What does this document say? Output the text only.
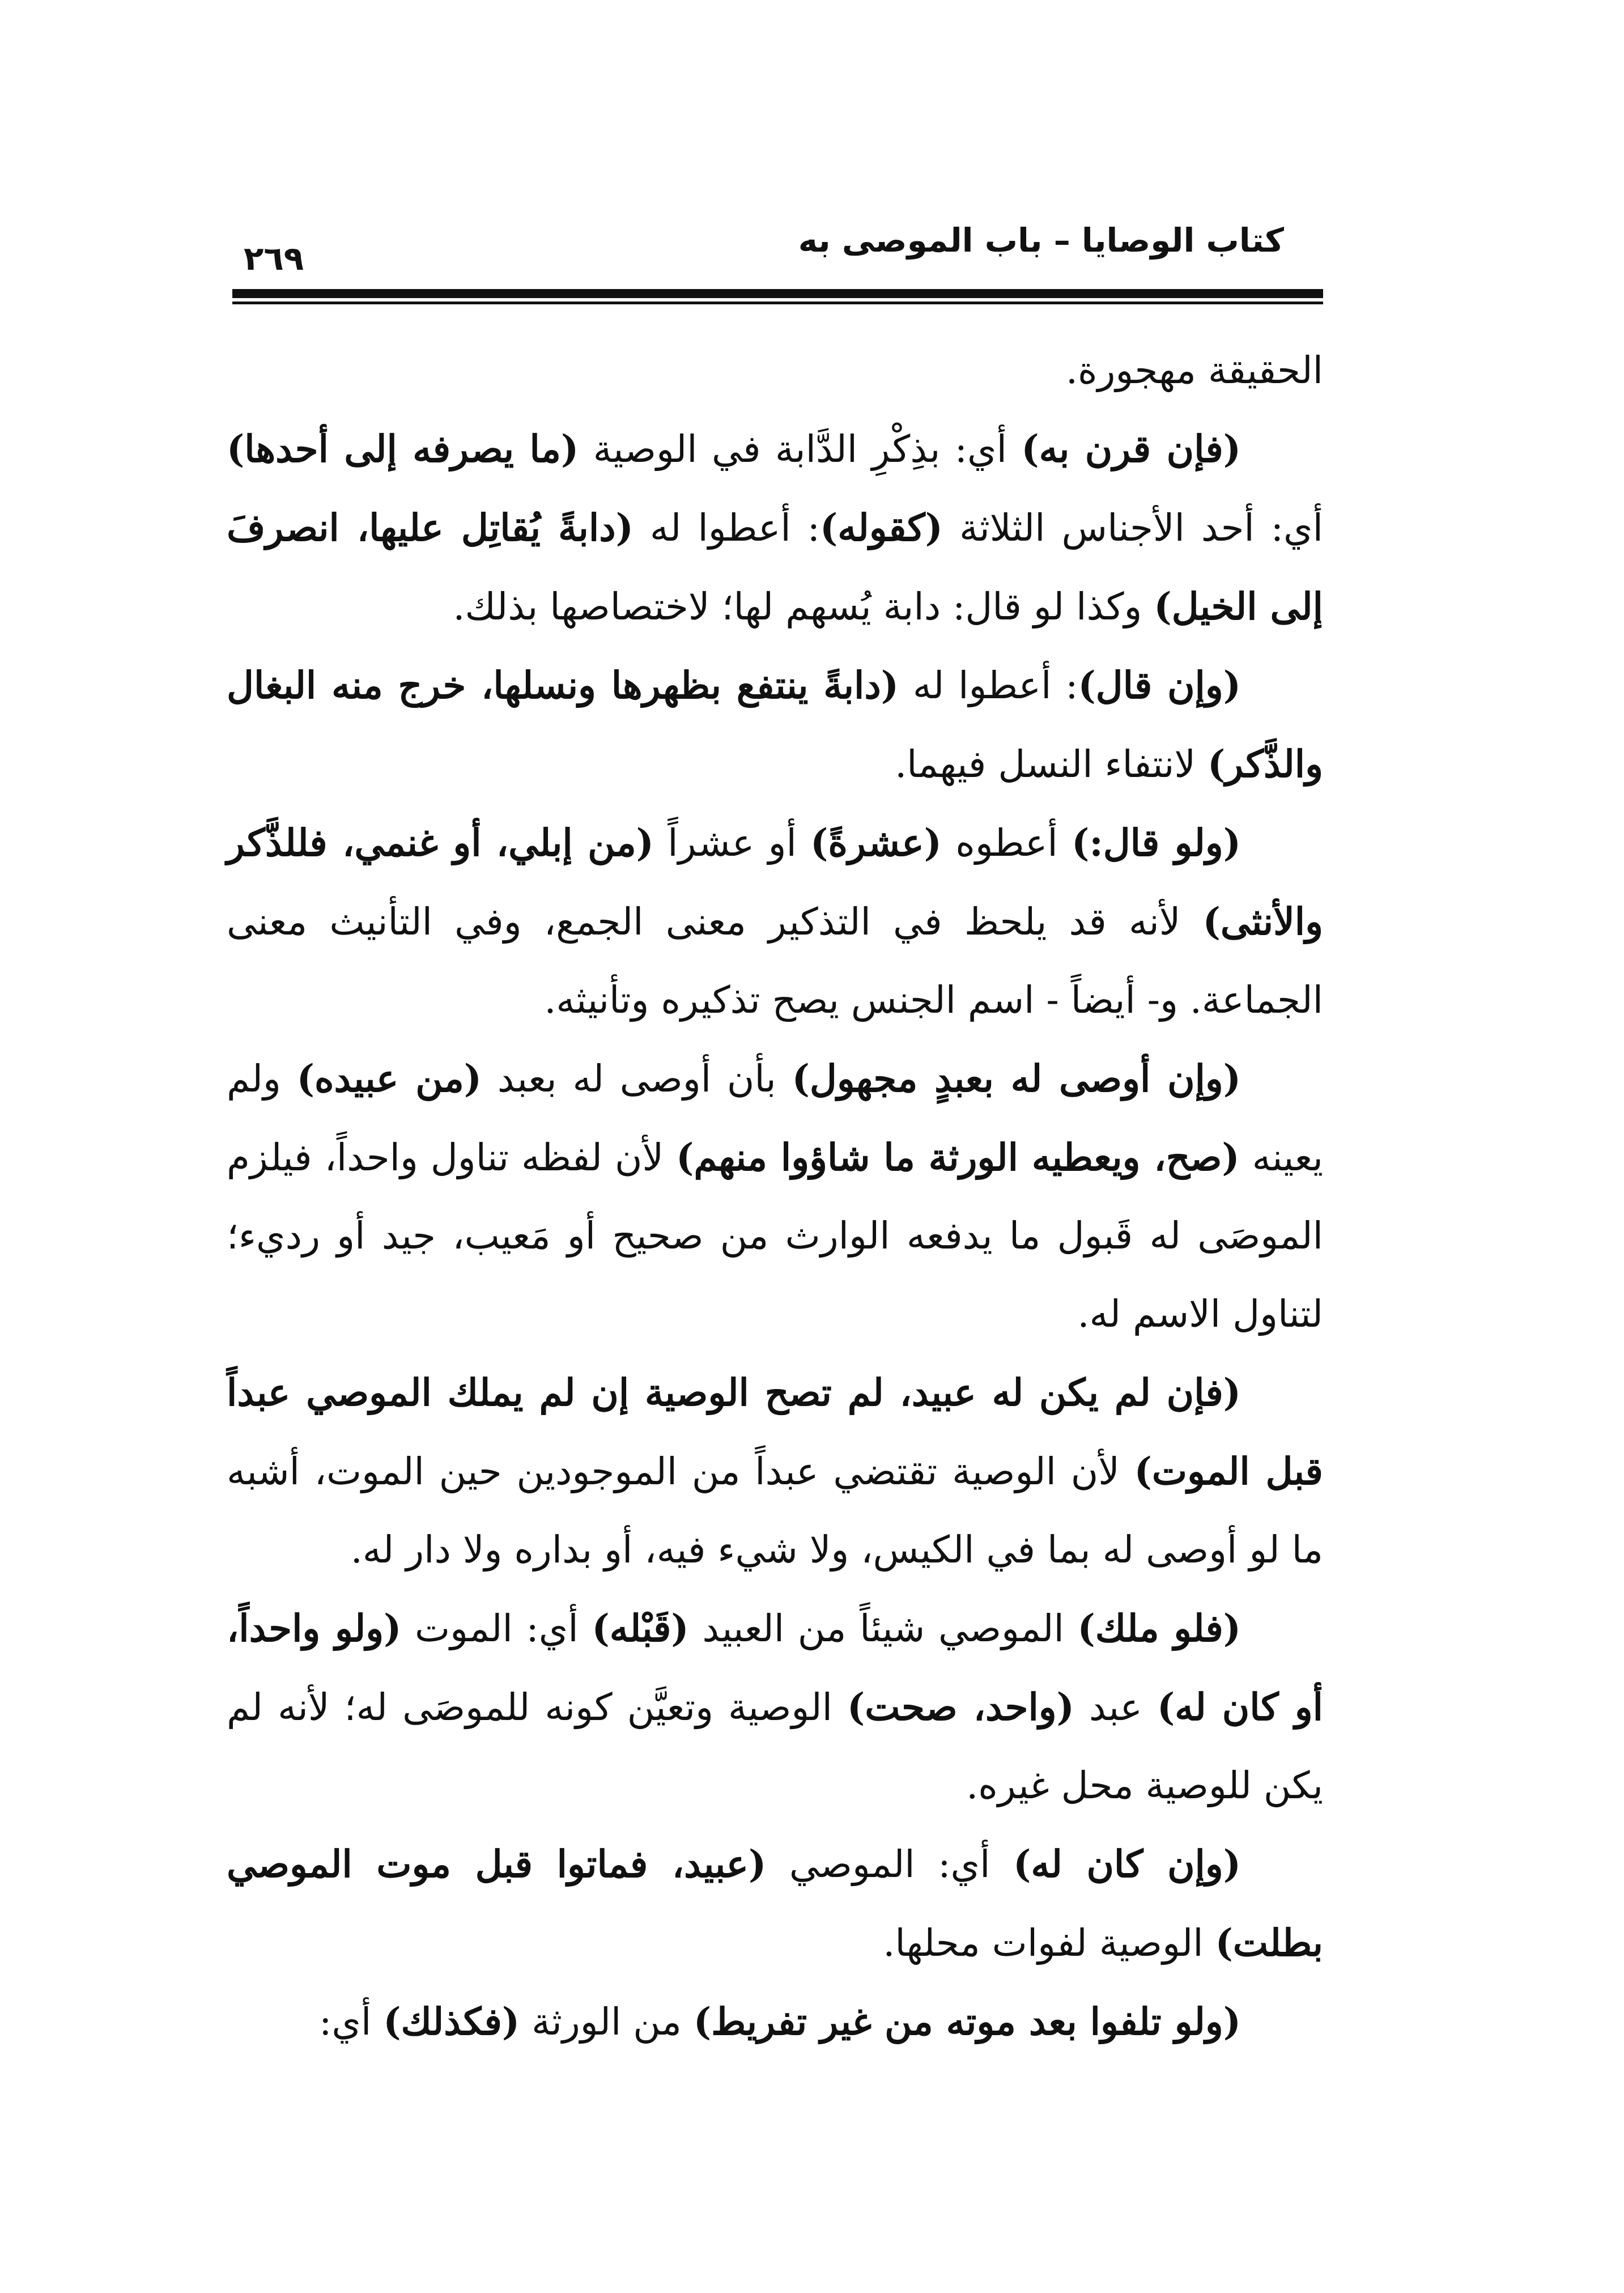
٢٦٩	كتاب الوصايا – باب الموصى به

الحقيقة مهجورة.

(فإن قرن به) أي: بذِكْرِ الدَّابة في الوصية (ما يصرفه إلى أحدها) أي: أحد الأجناس الثلاثة (كقوله): أعطوا له (دابةً يُقاتِل عليها، انصرفَ إلى الخيل) وكذا لو قال: دابة يُسهم لها؛ لاختصاصها بذلك.

(وإن قال): أعطوا له (دابةً ينتفع بظهرها ونسلها، خرج منه البغال والذَّكر) لانتفاء النسل فيهما.

(ولو قال:) أعطوه (عشرةً) أو عشراً (من إبلي، أو غنمي، فللذَّكر والأنثى) لأنه قد يلحظ في التذكير معنى الجمع، وفي التأنيث معنى الجماعة. و- أيضاً - اسم الجنس يصح تذكيره وتأنيثه.

(وإن أوصى له بعبدٍ مجهول) بأن أوصى له بعبد (من عبيده) ولم يعينه (صح، ويعطيه الورثة ما شاؤوا منهم) لأن لفظه تناول واحداً، فيلزم الموصَى له قَبول ما يدفعه الوارث من صحيح أو مَعيب، جيد أو رديء؛ لتناول الاسم له.

(فإن لم يكن له عبيد، لم تصح الوصية إن لم يملك الموصي عبداً قبل الموت) لأن الوصية تقتضي عبداً من الموجودين حين الموت، أشبه ما لو أوصى له بما في الكيس، ولا شيء فيه، أو بداره ولا دار له.

(فلو ملك) الموصي شيئاً من العبيد (قَبْله) أي: الموت (ولو واحداً، أو كان له) عبد (واحد، صحت) الوصية وتعيَّن كونه للموصَى له؛ لأنه لم يكن للوصية محل غيره.

(وإن كان له) أي: الموصي (عبيد، فماتوا قبل موت الموصي بطلت) الوصية لفوات محلها.

(ولو تلفوا بعد موته من غير تفريط) من الورثة (فكذلك) أي:
